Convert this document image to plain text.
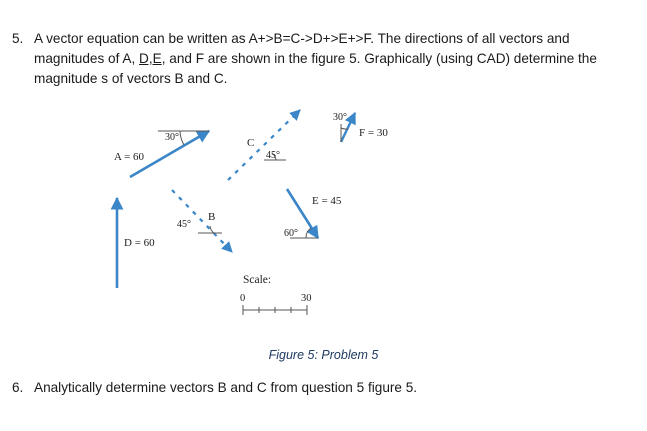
5. A vector equation can be written as A+>B=C->D+>E+>F. The directions of all vectors and magnitudes of A, D,E, and F are shown in the figure 5. Graphically (using CAD) determine the magnitude s of vectors B and C.
30°
A = 60
C
45°
B
45°
D = 60
60°
E = 45
30°
F = 30
Scale:
0	30
Figure 5: Problem 5
6. Analytically determine vectors B and C from question 5 figure 5.
